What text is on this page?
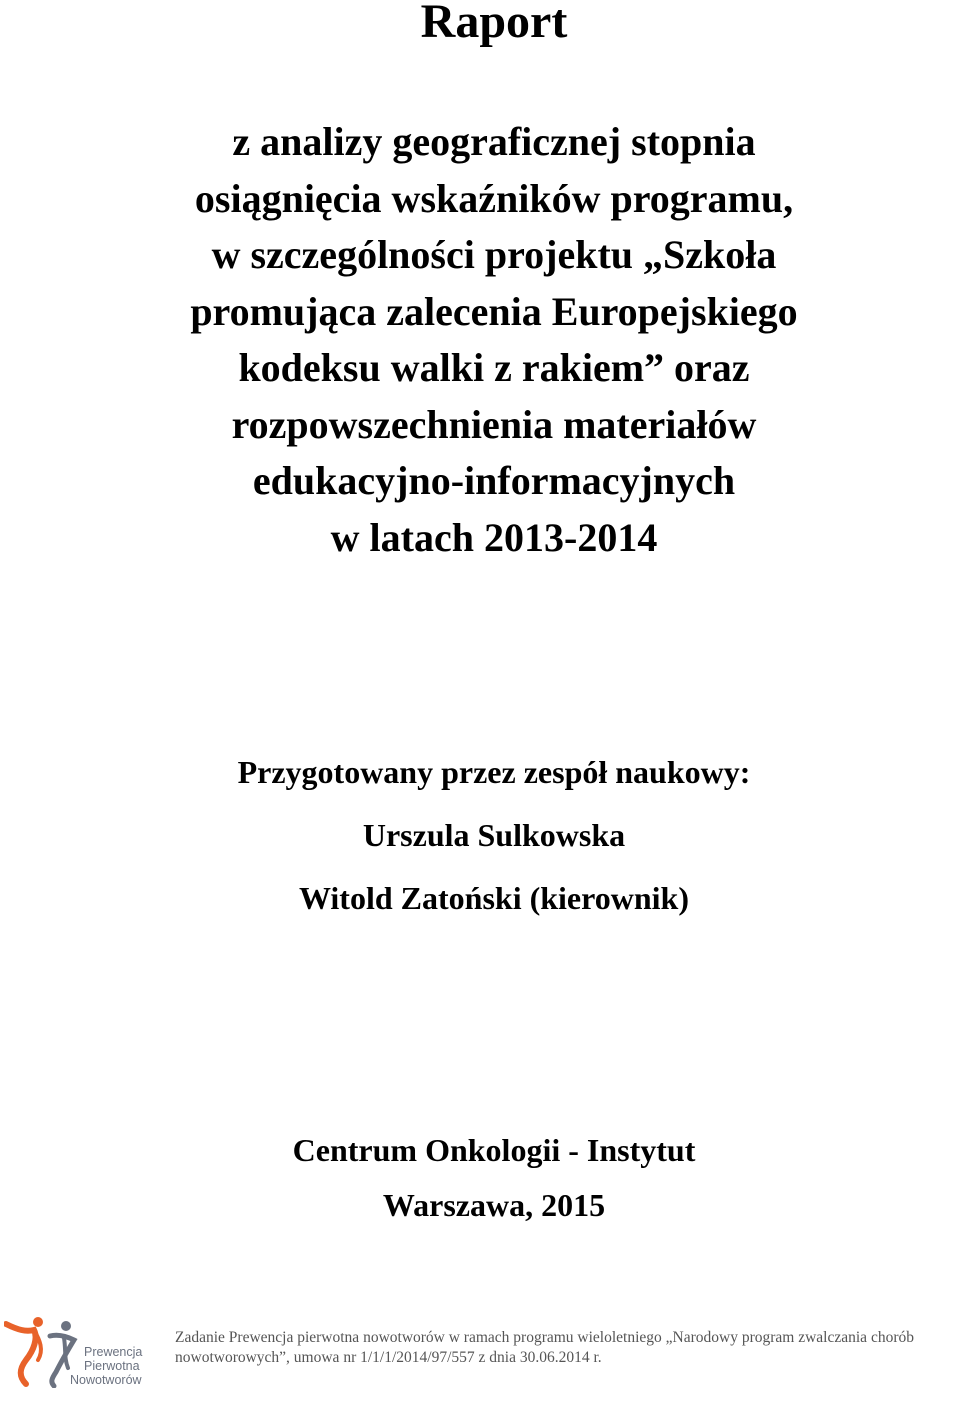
Raport
z analizy geograficznej stopnia
osiągnięcia wskaźników programu,
w szczególności projektu „Szkoła
promująca zalecenia Europejskiego
kodeksu walki z rakiem” oraz
rozpowszechnienia materiałów
edukacyjno-informacyjnych
w latach 2013-2014
Przygotowany przez zespół naukowy:
Urszula Sulkowska
Witold Zatoński (kierownik)
Centrum Onkologii - Instytut
Warszawa, 2015
Prewencja
Pierwotna
Nowotworów
Zadanie Prewencja pierwotna nowotworów w ramach programu wieloletniego „Narodowy program zwalczania chorób
nowotworowych”, umowa nr 1/1/1/2014/97/557 z dnia 30.06.2014 r.
